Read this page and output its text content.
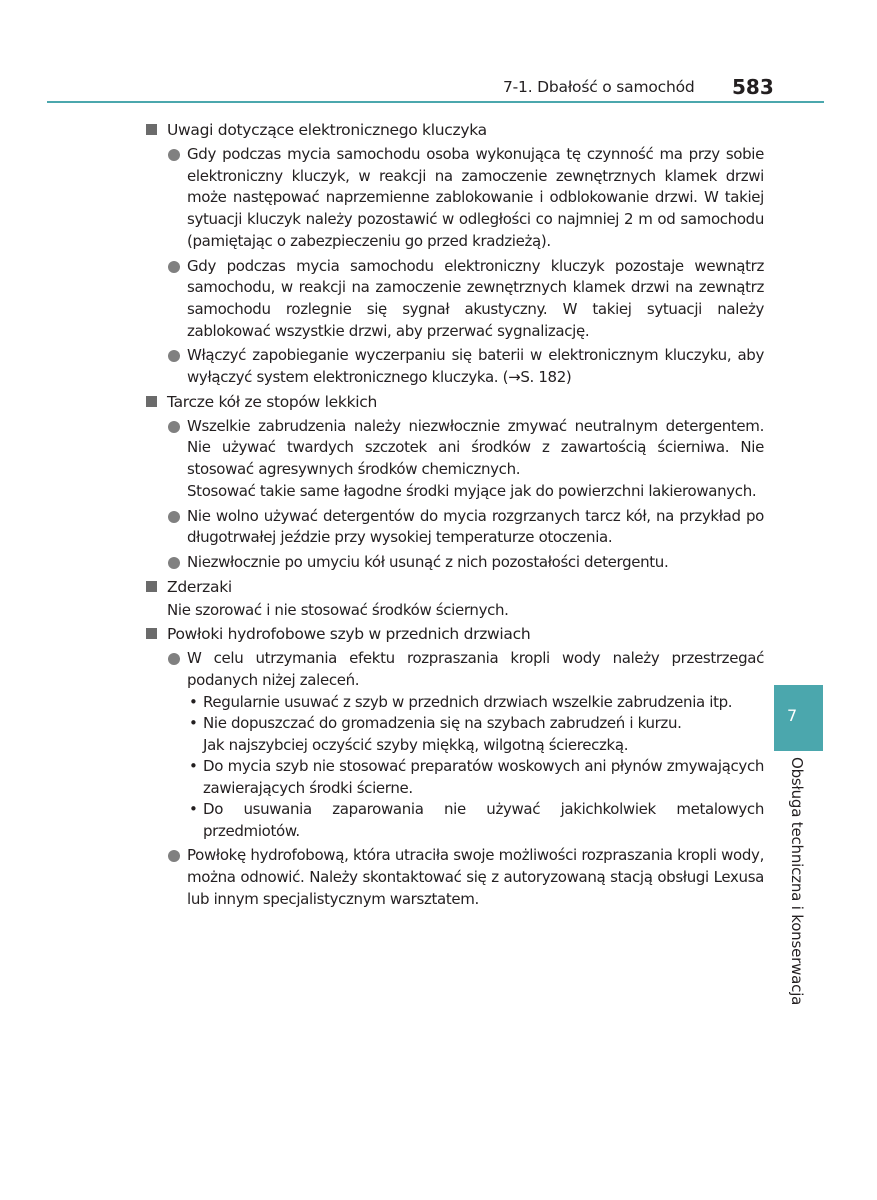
7-1. Dbałość o samochód 583
Uwagi dotyczące elektronicznego kluczyka
Gdy podczas mycia samochodu osoba wykonująca tę czynność ma przy sobie elektroniczny kluczyk, w reakcji na zamoczenie zewnętrznych klamek drzwi może następować naprzemienne zablokowanie i odblokowanie drzwi. W takiej sytuacji kluczyk należy pozostawić w odległości co najmniej 2 m od samochodu (pamiętając o zabezpieczeniu go przed kradzieżą).
Gdy podczas mycia samochodu elektroniczny kluczyk pozostaje wewnątrz samochodu, w reakcji na zamoczenie zewnętrznych klamek drzwi na zewnątrz samochodu rozlegnie się sygnał akustyczny. W takiej sytuacji należy zablokować wszystkie drzwi, aby przerwać sygnalizację.
Włączyć zapobieganie wyczerpaniu się baterii w elektronicznym kluczyku, aby wyłączyć system elektronicznego kluczyka. (→S. 182)
Tarcze kół ze stopów lekkich
Wszelkie zabrudzenia należy niezwłocznie zmywać neutralnym detergentem. Nie używać twardych szczotek ani środków z zawartością ścierniwa. Nie stosować agresywnych środków chemicznych.
Stosować takie same łagodne środki myjące jak do powierzchni lakierowanych.
Nie wolno używać detergentów do mycia rozgrzanych tarcz kół, na przykład po długotrwałej jeździe przy wysokiej temperaturze otoczenia.
Niezwłocznie po umyciu kół usunąć z nich pozostałości detergentu.
Zderzaki
Nie szorować i nie stosować środków ściernych.
Powłoki hydrofobowe szyb w przednich drzwiach
W celu utrzymania efektu rozpraszania kropli wody należy przestrzegać podanych niżej zaleceń.
• Regularnie usuwać z szyb w przednich drzwiach wszelkie zabrudzenia itp.
• Nie dopuszczać do gromadzenia się na szybach zabrudzeń i kurzu.
Jak najszybciej oczyścić szyby miękką, wilgotną ściereczką.
• Do mycia szyb nie stosować preparatów woskowych ani płynów zmywających zawierających środki ścierne.
• Do usuwania zaparowania nie używać jakichkolwiek metalowych przedmiotów.
Powłokę hydrofobową, która utraciła swoje możliwości rozpraszania kropli wody, można odnowić. Należy skontaktować się z autoryzowaną stacją obsługi Lexusa lub innym specjalistycznym warsztatem.
7
Obsługa techniczna i konserwacja
